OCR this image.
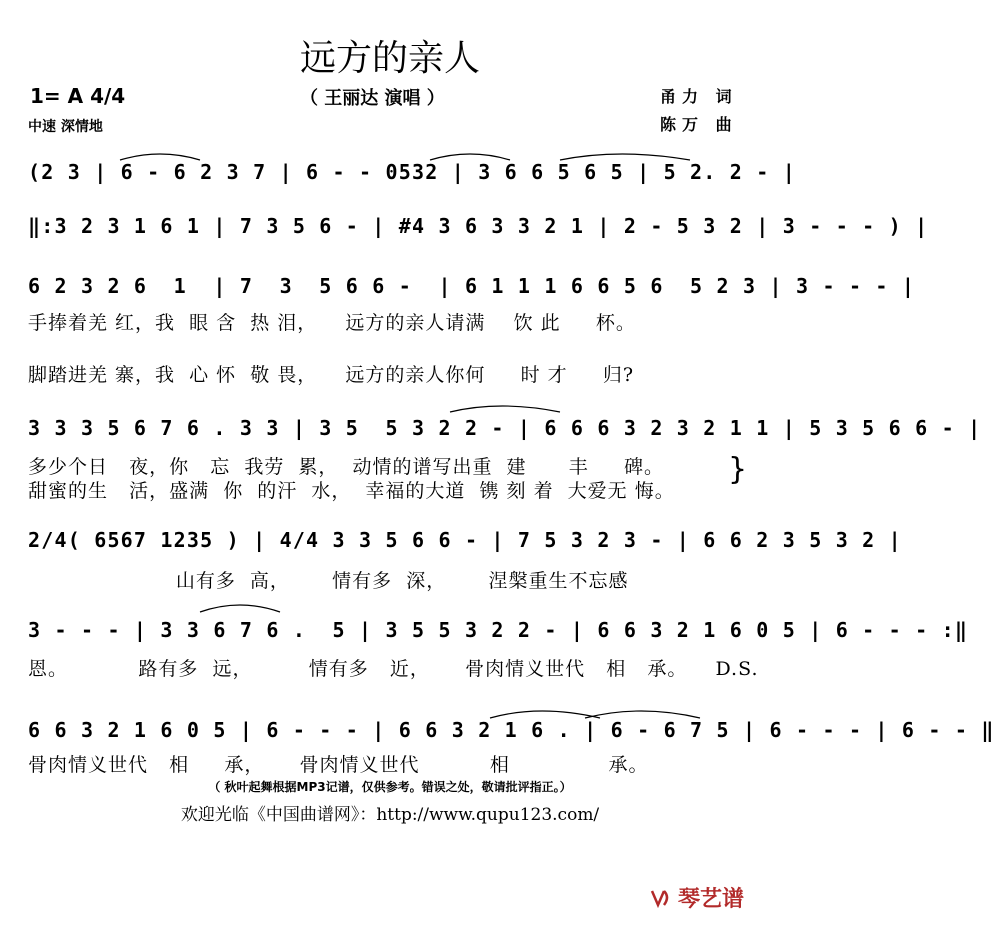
远方的亲人
（ 王丽达 演唱 ）
1= A 4/4
中速 深情地
甬力 词
陈万 曲
(2 3 | 6 - 6 2 3 7 | 6 - - 0532 | 3 6 6 5 6 5 | 5 2. 2 - |
‖:3 2 3 1 6 1 | 7 3 5 6 - | #4 3 6 3 3 2 1 | 2 - 5 3 2 | 3 - - - ) |
6 2 3 2 6  1  | 7  3  5 6 6 -  | 6 1 1 1 6 6 5 6  5 2 3 | 3 - - - |
手捧着羌 红，我  眼 含  热 泪，    远方的亲人请满    饮 此     杯。
脚踏进羌 寨，我  心 怀  敬 畏，    远方的亲人你何     时 才     归?
3 3 3 5 6 7 6 . 3 3 | 3 5  5 3 2 2 - | 6 6 6 3 2 3 2 1 1 | 5 3 5 6 6 - |
多少个日   夜，你   忘  我劳  累，  动情的谱写出重  建      丰     碑。
甜蜜的生   活，盛满  你  的汗  水，  幸福的大道  镌 刻 着  大爱无 悔。
}
2/4( 6567 1235 ) | 4/4 3 3 5 6 6 - | 7 5 3 2 3 - | 6 6 2 3 5 3 2 |
山有多  高，      情有多  深，      涅槃重生不忘感
3 - - - | 3 3 6 7 6 .  5 | 3 5 5 3 2 2 - | 6 6 3 2 1 6 0 5 | 6 - - - :‖
恩。          路有多  远，        情有多   近，     骨肉情义世代   相   承。    D.S.
6 6 3 2 1 6 0 5 | 6 - - - | 6 6 3 2 1 6 . | 6 - 6 7 5 | 6 - - - | 6 - - ‖
骨肉情义世代   相     承，     骨肉情义世代          相              承。
（ 秋叶起舞根据MP3记谱，仅供参考。错误之处，敬请批评指正。）
欢迎光临《中国曲谱网》：http://www.qupu123.com/
琴艺谱
